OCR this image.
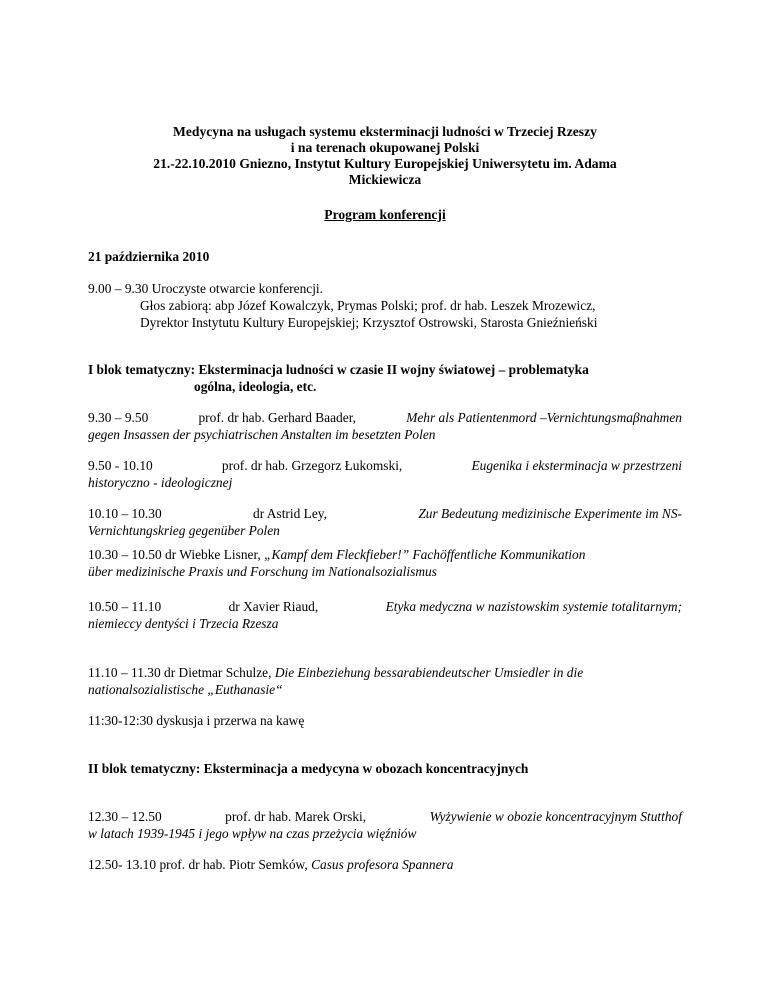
Medycyna na usługach systemu eksterminacji ludności w Trzeciej Rzeszy
i na terenach okupowanej Polski
21.-22.10.2010 Gniezno, Instytut Kultury Europejskiej Uniwersytetu im. Adama
Mickiewicza
Program konferencji
21 października 2010
9.00 – 9.30 Uroczyste otwarcie konferencji.
Głos zabiorą: abp Józef Kowalczyk, Prymas Polski; prof. dr hab. Leszek Mrozewicz,
Dyrektor Instytutu Kultury Europejskiej; Krzysztof Ostrowski, Starosta Gnieźnieński
I blok tematyczny: Eksterminacja ludności w czasie II wojny światowej – problematyka
ogólna, ideologia, etc.
9.30 – 9.50	prof. dr hab. Gerhard Baader,	Mehr als Patientenmord –Vernichtungsmaβnahmen
gegen Insassen der psychiatrischen Anstalten im besetzten Polen
9.50 - 10.10	prof. dr hab. Grzegorz Łukomski,	Eugenika i eksterminacja w przestrzeni
historyczno - ideologicznej
10.10 – 10.30	dr Astrid Ley,	Zur Bedeutung medizinische Experimente im NS-
Vernichtungskrieg gegenüber Polen
10.30 – 10.50 dr Wiebke Lisner, „Kampf dem Fleckfieber!” Fachöffentliche Kommunikation
über medizinische Praxis und Forschung im Nationalsozialismus
10.50 – 11.10	dr Xavier Riaud,	Etyka medyczna w nazistowskim systemie totalitarnym;
niemieccy dentyści i Trzecia Rzesza
11.10 – 11.30 dr Dietmar Schulze, Die Einbeziehung bessarabiendeutscher Umsiedler in die
nationalsozialistische „Euthanasie“
11:30-12:30 dyskusja i przerwa na kawę
II blok tematyczny: Eksterminacja a medycyna w obozach koncentracyjnych
12.30 – 12.50	prof. dr hab. Marek Orski,	Wyżywienie w obozie koncentracyjnym Stutthof
w latach 1939-1945 i jego wpływ na czas przeżycia więźniów
12.50- 13.10 prof. dr hab. Piotr Semków, Casus profesora Spannera
